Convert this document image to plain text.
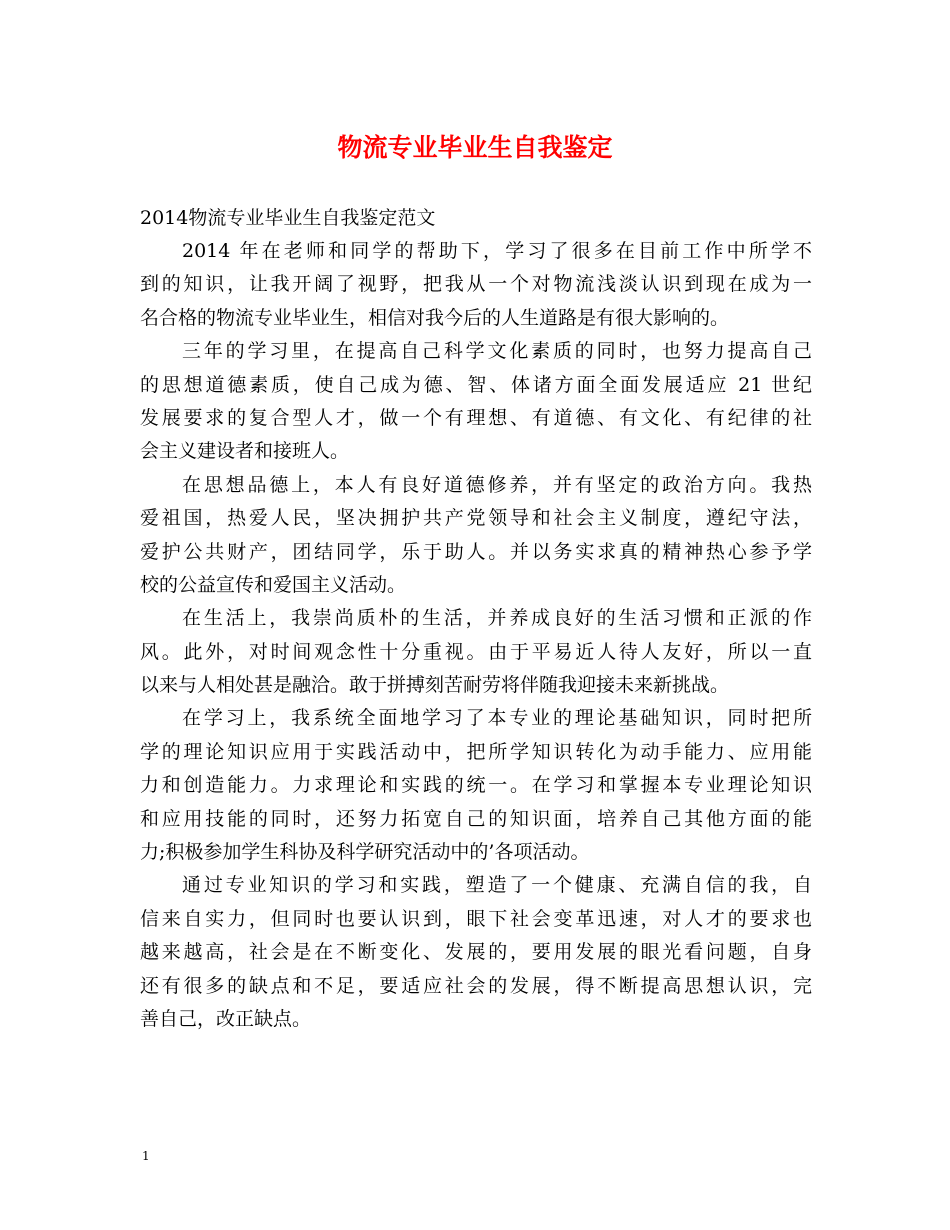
物流专业毕业生自我鉴定

2014物流专业毕业生自我鉴定范文

2014 年在老师和同学的帮助下，学习了很多在目前工作中所学不
到的知识，让我开阔了视野，把我从一个对物流浅淡认识到现在成为一
名合格的物流专业毕业生，相信对我今后的人生道路是有很大影响的。

三年的学习里，在提高自己科学文化素质的同时，也努力提高自己
的思想道德素质，使自己成为德、智、体诸方面全面发展适应 21 世纪
发展要求的复合型人才，做一个有理想、有道德、有文化、有纪律的社
会主义建设者和接班人。

在思想品德上，本人有良好道德修养，并有坚定的政治方向。我热
爱祖国，热爱人民，坚决拥护共产党领导和社会主义制度，遵纪守法，
爱护公共财产，团结同学，乐于助人。并以务实求真的精神热心参予学
校的公益宣传和爱国主义活动。

在生活上，我崇尚质朴的生活，并养成良好的生活习惯和正派的作
风。此外，对时间观念性十分重视。由于平易近人待人友好，所以一直
以来与人相处甚是融洽。敢于拼搏刻苦耐劳将伴随我迎接未来新挑战。

在学习上，我系统全面地学习了本专业的理论基础知识，同时把所
学的理论知识应用于实践活动中，把所学知识转化为动手能力、应用能
力和创造能力。力求理论和实践的统一。在学习和掌握本专业理论知识
和应用技能的同时，还努力拓宽自己的知识面，培养自己其他方面的能
力;积极参加学生科协及科学研究活动中的’各项活动。

通过专业知识的学习和实践，塑造了一个健康、充满自信的我，自
信来自实力，但同时也要认识到，眼下社会变革迅速，对人才的要求也
越来越高，社会是在不断变化、发展的，要用发展的眼光看问题，自身
还有很多的缺点和不足，要适应社会的发展，得不断提高思想认识，完
善自己，改正缺点。

1
